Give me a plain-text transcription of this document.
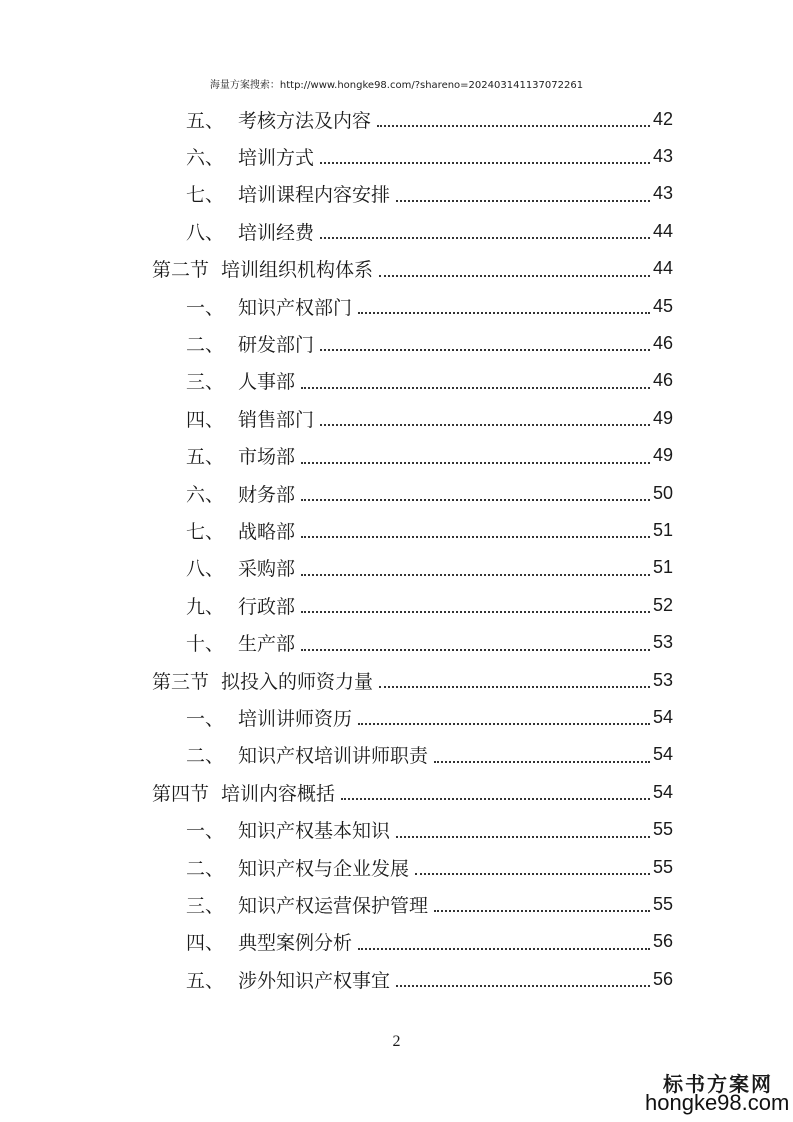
海量方案搜索：http://www.hongke98.com/?shareno=20240314113707226​1
五、 考核方法及内容	42
六、 培训方式	43
七、 培训课程内容安排	43
八、 培训经费	44
第二节 培训组织机构体系	44
一、 知识产权部门	45
二、 研发部门	46
三、 人事部	46
四、 销售部门	49
五、 市场部	49
六、 财务部	50
七、 战略部	51
八、 采购部	51
九、 行政部	52
十、 生产部	53
第三节 拟投入的师资力量	53
一、 培训讲师资历	54
二、 知识产权培训讲师职责	54
第四节 培训内容概括	54
一、 知识产权基本知识	55
二、 知识产权与企业发展	55
三、 知识产权运营保护管理	55
四、 典型案例分析	56
五、 涉外知识产权事宜	56
2
标书方案网
hongke98.com
